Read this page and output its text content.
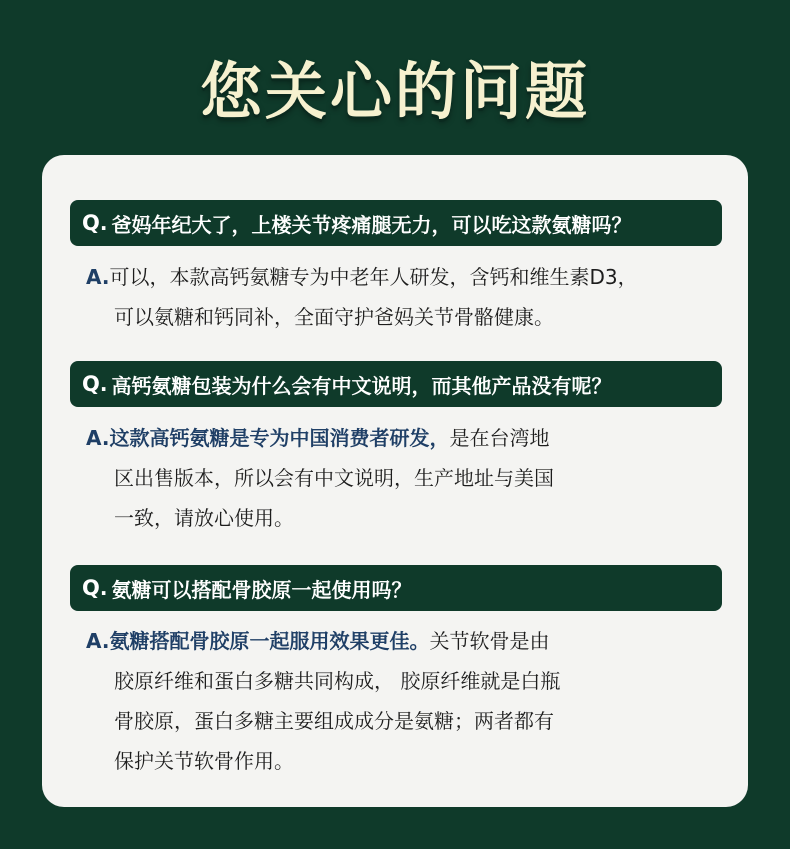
您关心的问题
Q . 爸妈年纪大了，上楼关节疼痛腿无力，可以吃这款氨糖吗？
A.可以，本款高钙氨糖专为中老年人研发，含钙和维生素D3，
可以氨糖和钙同补，全面守护爸妈关节骨骼健康。
Q . 高钙氨糖包装为什么会有中文说明，而其他产品没有呢？
A.这款高钙氨糖是专为中国消费者研发，是在台湾地
区出售版本，所以会有中文说明，生产地址与美国
一致，请放心使用。
Q . 氨糖可以搭配骨胶原一起使用吗？
A.氨糖搭配骨胶原一起服用效果更佳。关节软骨是由
胶原纤维和蛋白多糖共同构成， 胶原纤维就是白瓶
骨胶原，蛋白多糖主要组成成分是氨糖；两者都有
保护关节软骨作用。
